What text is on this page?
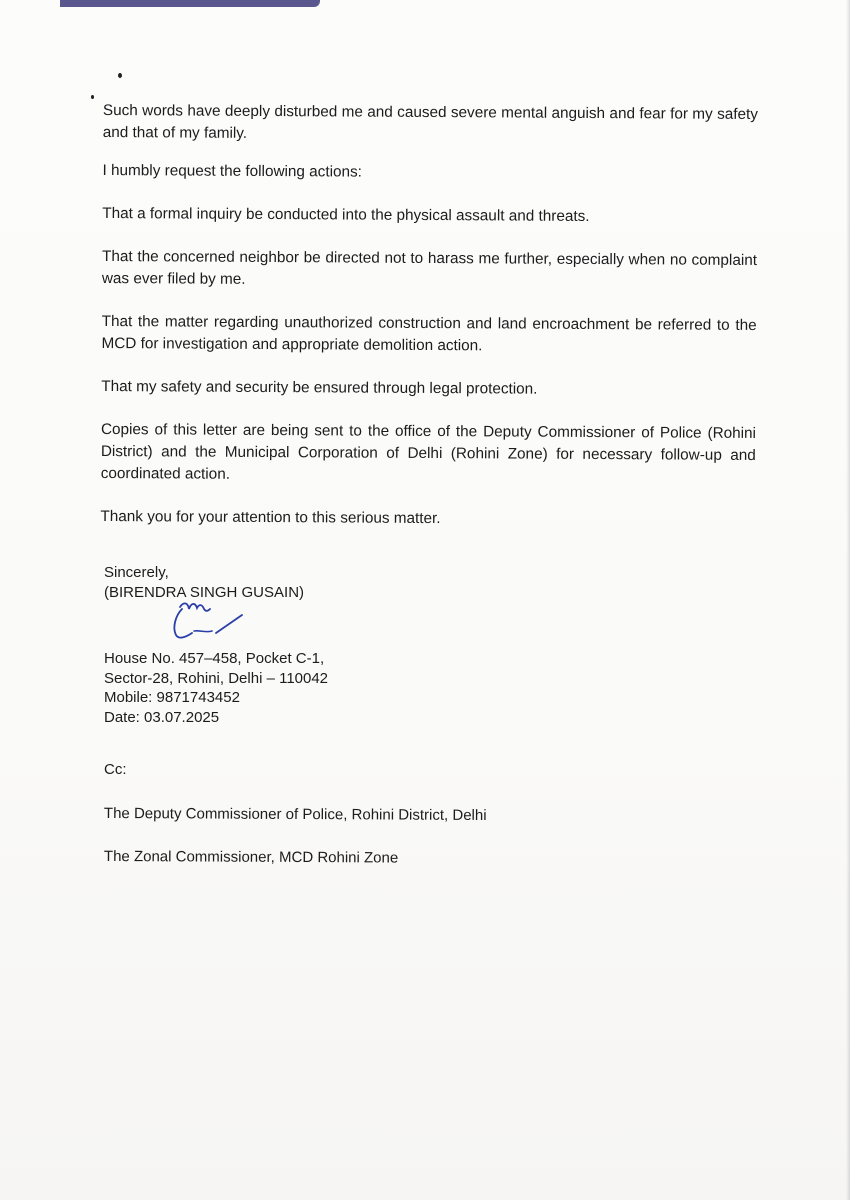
Such words have deeply disturbed me and caused severe mental anguish and fear for my safety and that of my family.

I humbly request the following actions:

That a formal inquiry be conducted into the physical assault and threats.

That the concerned neighbor be directed not to harass me further, especially when no complaint was ever filed by me.

That the matter regarding unauthorized construction and land encroachment be referred to the MCD for investigation and appropriate demolition action.

That my safety and security be ensured through legal protection.

Copies of this letter are being sent to the office of the Deputy Commissioner of Police (Rohini District) and the Municipal Corporation of Delhi (Rohini Zone) for necessary follow-up and coordinated action.

Thank you for your attention to this serious matter.

Sincerely,
(BIRENDRA SINGH GUSAIN)
House No. 457–458, Pocket C-1,
Sector-28, Rohini, Delhi – 110042
Mobile: 9871743452
Date: 03.07.2025
Cc:
The Deputy Commissioner of Police, Rohini District, Delhi
The Zonal Commissioner, MCD Rohini Zone
